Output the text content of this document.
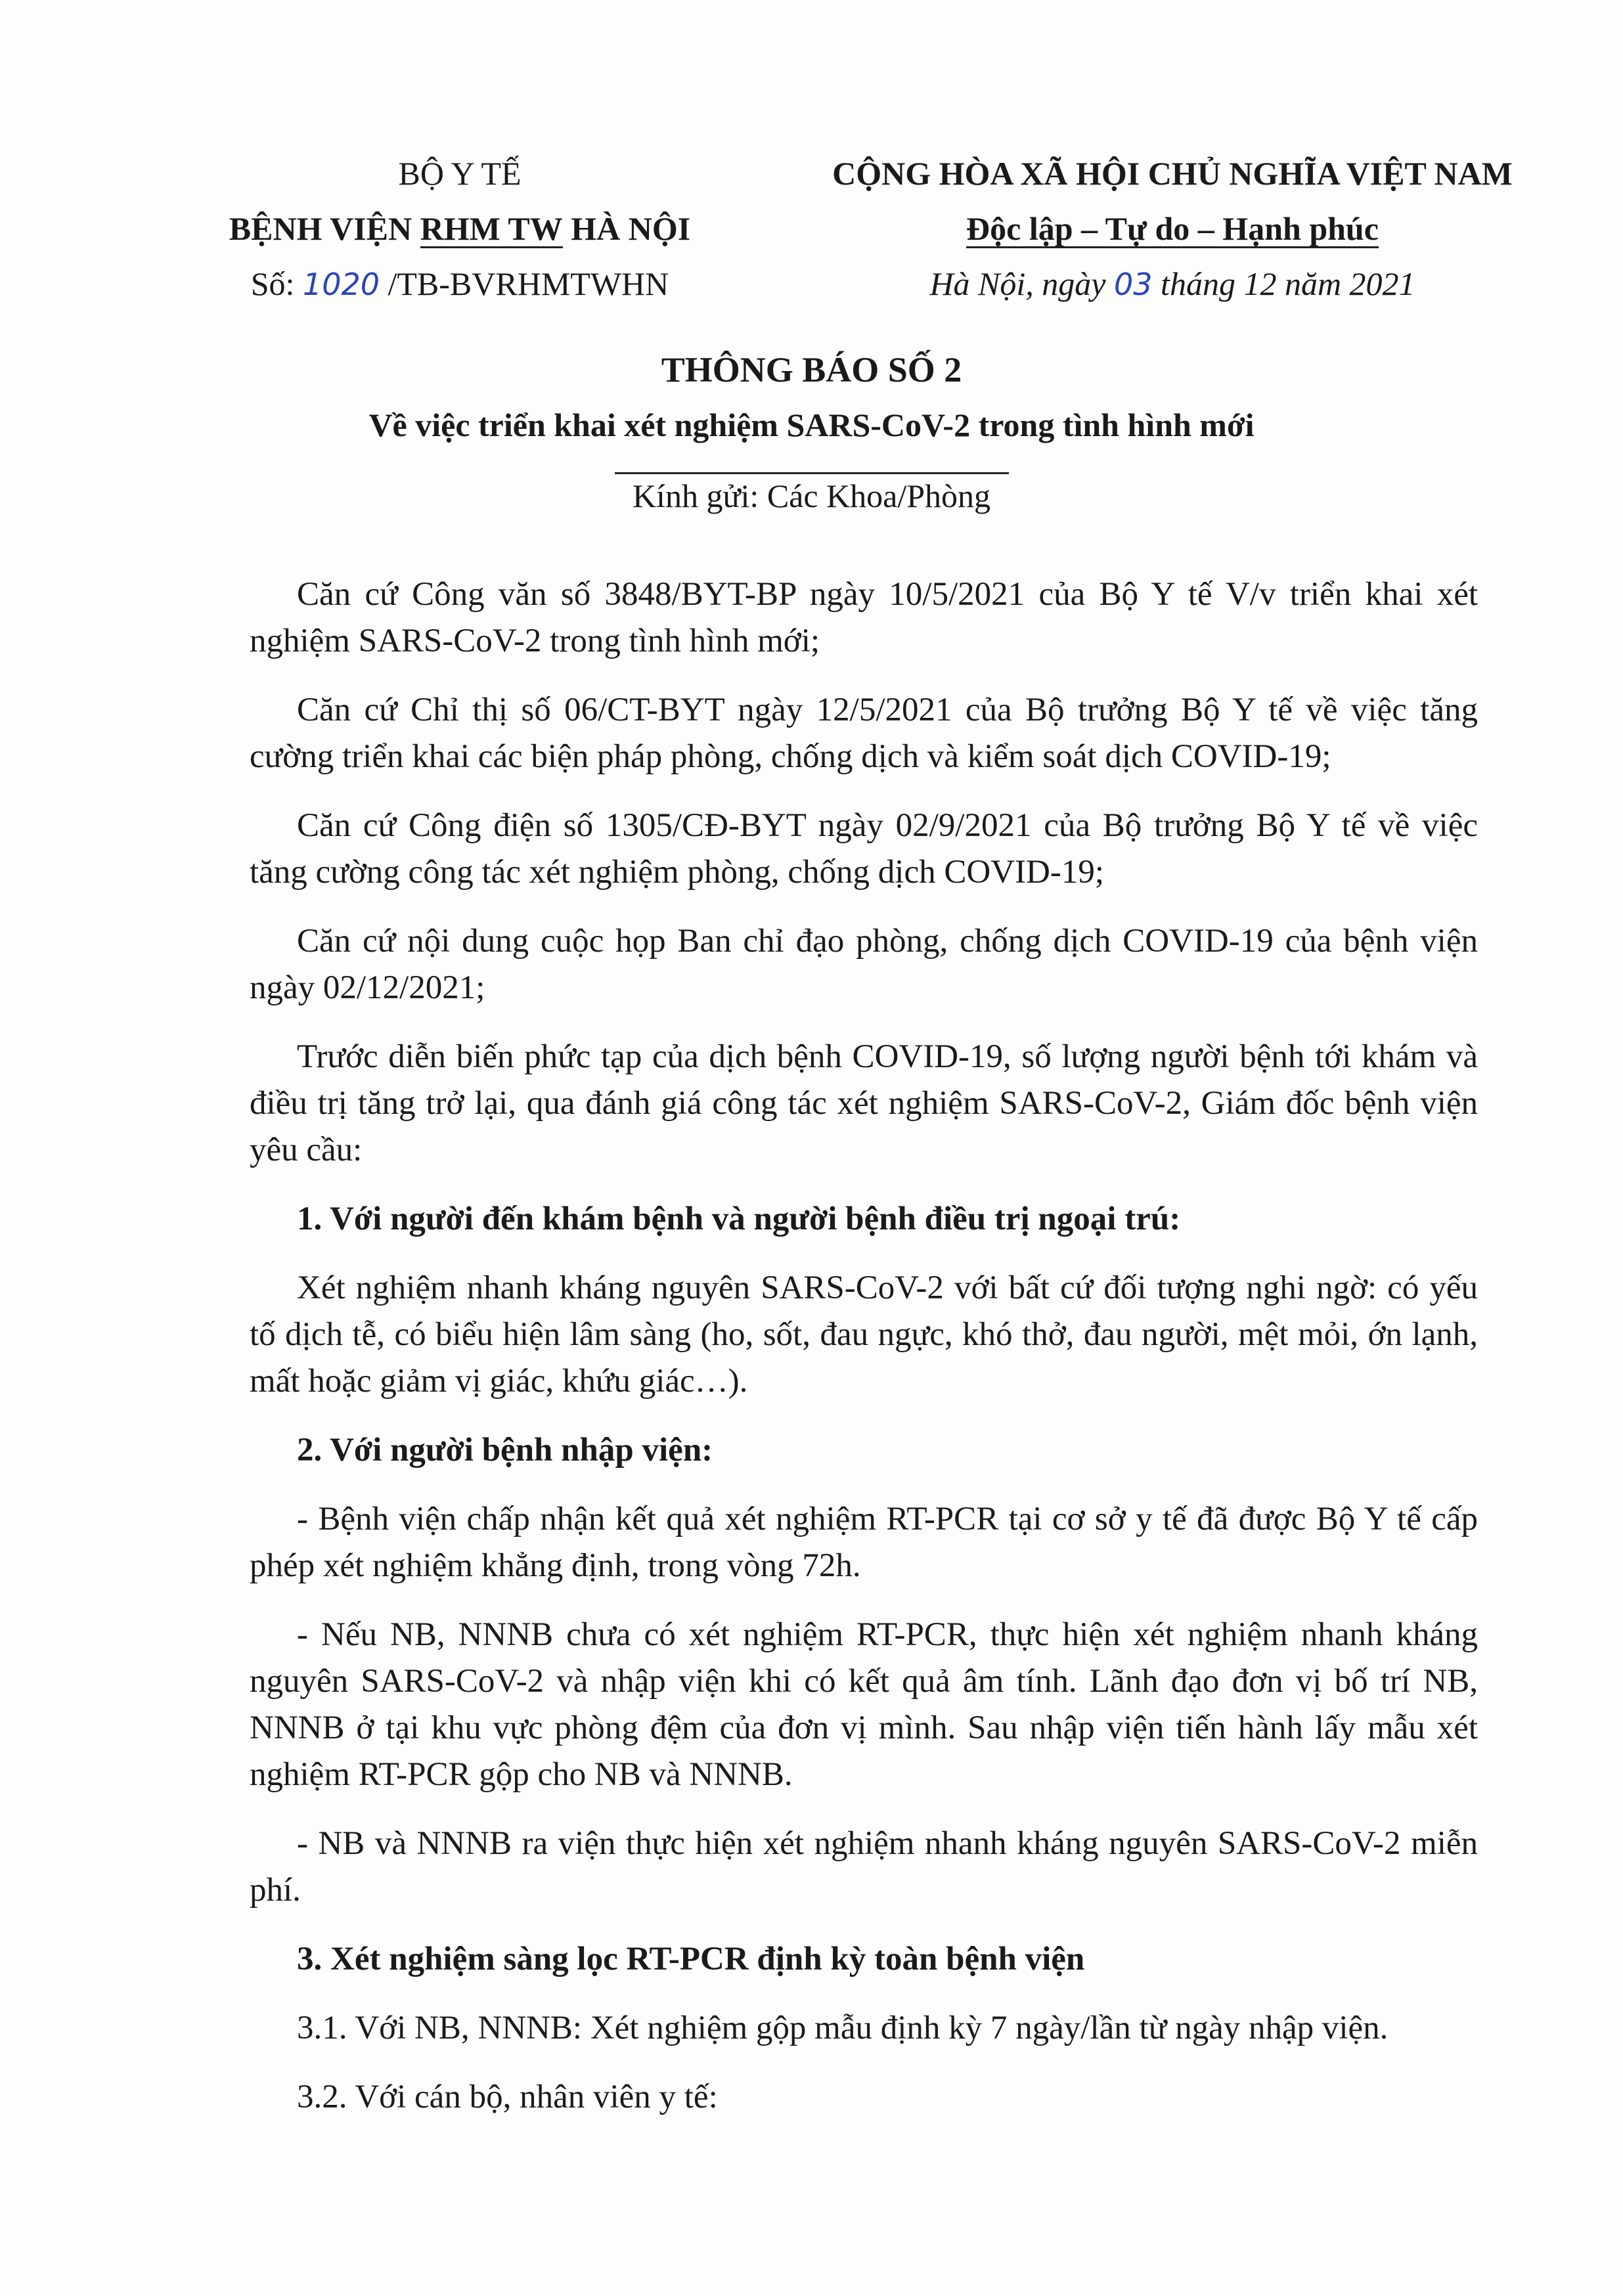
BỘ Y TẾ
BỆNH VIỆN RHM TW HÀ NỘI
Số: 1020 /TB-BVRHMTWHN
CỘNG HÒA XÃ HỘI CHỦ NGHĨA VIỆT NAM
Độc lập – Tự do – Hạnh phúc
Hà Nội, ngày 03 tháng 12 năm 2021
THÔNG BÁO SỐ 2
Về việc triển khai xét nghiệm SARS-CoV-2 trong tình hình mới
Kính gửi: Các Khoa/Phòng

Căn cứ Công văn số 3848/BYT-BP ngày 10/5/2021 của Bộ Y tế V/v triển khai xét nghiệm SARS-CoV-2 trong tình hình mới;

Căn cứ Chỉ thị số 06/CT-BYT ngày 12/5/2021 của Bộ trưởng Bộ Y tế về việc tăng cường triển khai các biện pháp phòng, chống dịch và kiểm soát dịch COVID-19;

Căn cứ Công điện số 1305/CĐ-BYT ngày 02/9/2021 của Bộ trưởng Bộ Y tế về việc tăng cường công tác xét nghiệm phòng, chống dịch COVID-19;

Căn cứ nội dung cuộc họp Ban chỉ đạo phòng, chống dịch COVID-19 của bệnh viện ngày 02/12/2021;

Trước diễn biến phức tạp của dịch bệnh COVID-19, số lượng người bệnh tới khám và điều trị tăng trở lại, qua đánh giá công tác xét nghiệm SARS-CoV-2, Giám đốc bệnh viện yêu cầu:

1. Với người đến khám bệnh và người bệnh điều trị ngoại trú:

Xét nghiệm nhanh kháng nguyên SARS-CoV-2 với bất cứ đối tượng nghi ngờ: có yếu tố dịch tễ, có biểu hiện lâm sàng (ho, sốt, đau ngực, khó thở, đau người, mệt mỏi, ớn lạnh, mất hoặc giảm vị giác, khứu giác…).

2. Với người bệnh nhập viện:

- Bệnh viện chấp nhận kết quả xét nghiệm RT-PCR tại cơ sở y tế đã được Bộ Y tế cấp phép xét nghiệm khẳng định, trong vòng 72h.

- Nếu NB, NNNB chưa có xét nghiệm RT-PCR, thực hiện xét nghiệm nhanh kháng nguyên SARS-CoV-2 và nhập viện khi có kết quả âm tính. Lãnh đạo đơn vị bố trí NB, NNNB ở tại khu vực phòng đệm của đơn vị mình. Sau nhập viện tiến hành lấy mẫu xét nghiệm RT-PCR gộp cho NB và NNNB.

- NB và NNNB ra viện thực hiện xét nghiệm nhanh kháng nguyên SARS-CoV-2 miễn phí.

3. Xét nghiệm sàng lọc RT-PCR định kỳ toàn bệnh viện

3.1. Với NB, NNNB: Xét nghiệm gộp mẫu định kỳ 7 ngày/lần từ ngày nhập viện.

3.2. Với cán bộ, nhân viên y tế:
